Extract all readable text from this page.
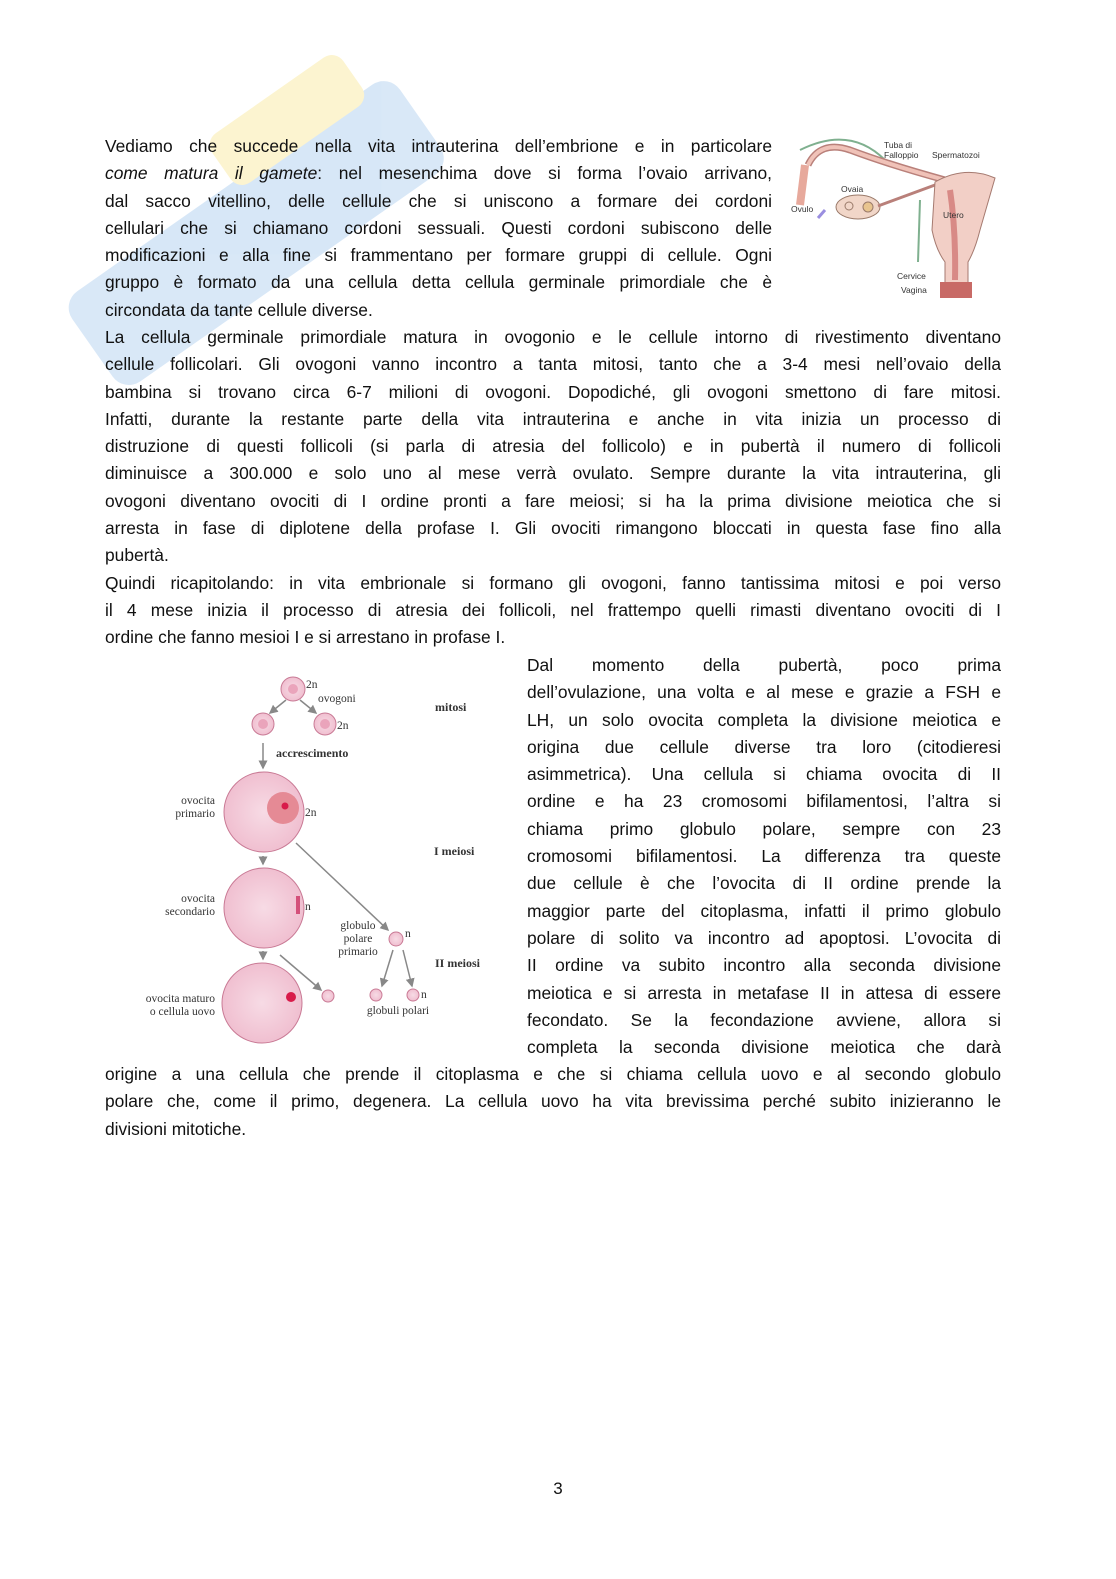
Vediamo che succede nella vita intrauterina dell’embrione e in particolare
come matura il gamete: nel mesenchima dove si forma l’ovaio arrivano,
dal sacco vitellino, delle cellule che si uniscono a formare dei cordoni
cellulari che si chiamano cordoni sessuali. Questi cordoni subiscono delle
modificazioni e alla fine si frammentano per formare gruppi di cellule. Ogni
gruppo è formato da una cellula detta cellula germinale primordiale che è
circondata da tante cellule diverse.
La cellula germinale primordiale matura in ovogonio e le cellule intorno di rivestimento diventano
cellule follicolari. Gli ovogoni vanno incontro a tanta mitosi, tanto che a 3-4 mesi nell’ovaio della
bambina si trovano circa 6-7 milioni di ovogoni. Dopodiché, gli ovogoni smettono di fare mitosi.
Infatti, durante la restante parte della vita intrauterina e anche in vita inizia un processo di
distruzione di questi follicoli (si parla di atresia del follicolo) e in pubertà il numero di follicoli
diminuisce a 300.000 e solo uno al mese verrà ovulato. Sempre durante la vita intrauterina, gli
ovogoni diventano ovociti di I ordine pronti a fare meiosi; si ha la prima divisione meiotica che si
arresta in fase di diplotene della profase I. Gli ovociti rimangono bloccati in questa fase fino alla
pubertà.
Quindi ricapitolando: in vita embrionale si formano gli ovogoni, fanno tantissima mitosi e poi verso
il 4 mese inizia il processo di atresia dei follicoli, nel frattempo quelli rimasti diventano ovociti di I
ordine che fanno mesioi I e si arrestano in profase I.
Dal momento della pubertà, poco prima
dell’ovulazione, una volta e al mese e grazie a FSH e
LH, un solo ovocita completa la divisione meiotica e
origina due cellule diverse tra loro (citodieresi
asimmetrica). Una cellula si chiama ovocita di II
ordine e ha 23 cromosomi bifilamentosi, l’altra si
chiama primo globulo polare, sempre con 23
cromosomi bifilamentosi. La differenza tra queste
due cellule è che l’ovocita di II ordine prende la
maggior parte del citoplasma, infatti il primo globulo
polare di solito va incontro ad apoptosi. L’ovocita di
II ordine va subito incontro alla seconda divisione
meiotica e si arresta in metafase II in attesa di essere
fecondato. Se la fecondazione avviene, allora si
completa la seconda divisione meiotica che darà
origine a una cellula che prende il citoplasma e che si chiama cellula uovo e al secondo globulo
polare che, come il primo, degenera. La cellula uovo ha vita brevissima perché subito inizieranno le
divisioni mitotiche.
Tuba di
Falloppio Spermatozoi
Ovaia
Ovulo
Utero
Cervice
Vagina
2n
ovogoni
2n
mitosi
accrescimento
ovocita
primario	2n
I meiosi
ovocita
secondario	n
globulo
polare
primario
n
II meiosi
ovocita maturo
o cellula uovo
n
globuli polari
3
